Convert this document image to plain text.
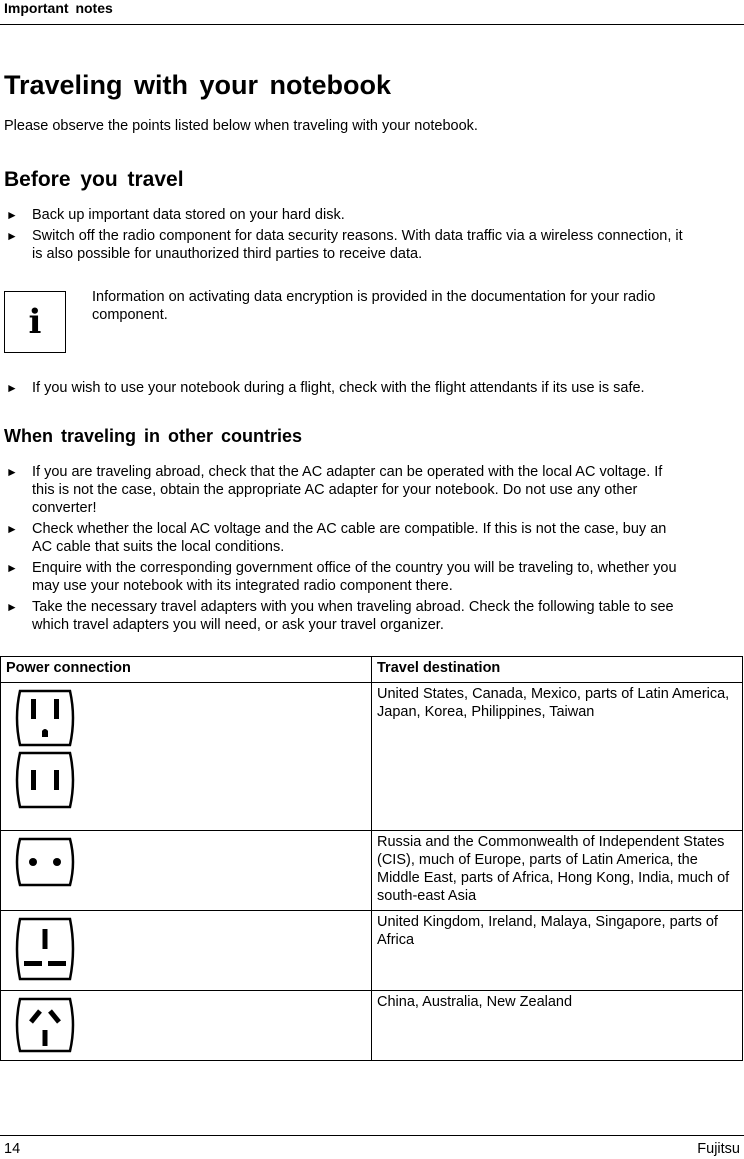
Important notes
Traveling with your notebook
Please observe the points listed below when traveling with your notebook.
Before you travel
► Back up important data stored on your hard disk.
► Switch off the radio component for data security reasons. With data traffic via a wireless connection, it is also possible for unauthorized third parties to receive data.
i
Information on activating data encryption is provided in the documentation for your radio component.
► If you wish to use your notebook during a flight, check with the flight attendants if its use is safe.
When traveling in other countries
► If you are traveling abroad, check that the AC adapter can be operated with the local AC voltage. If this is not the case, obtain the appropriate AC adapter for your notebook. Do not use any other converter!
► Check whether the local AC voltage and the AC cable are compatible. If this is not the case, buy an AC cable that suits the local conditions.
► Enquire with the corresponding government office of the country you will be traveling to, whether you may use your notebook with its integrated radio component there.
► Take the necessary travel adapters with you when traveling abroad. Check the following table to see which travel adapters you will need, or ask your travel organizer.
Power connection	Travel destination

	United States, Canada, Mexico, parts of Latin America, Japan, Korea, Philippines, Taiwan

	Russia and the Commonwealth of Independent States (CIS), much of Europe, parts of Latin America, the Middle East, parts of Africa, Hong Kong, India, much of south-east Asia

	United Kingdom, Ireland, Malaya, Singapore, parts of Africa

	China, Australia, New Zealand
14	Fujitsu
